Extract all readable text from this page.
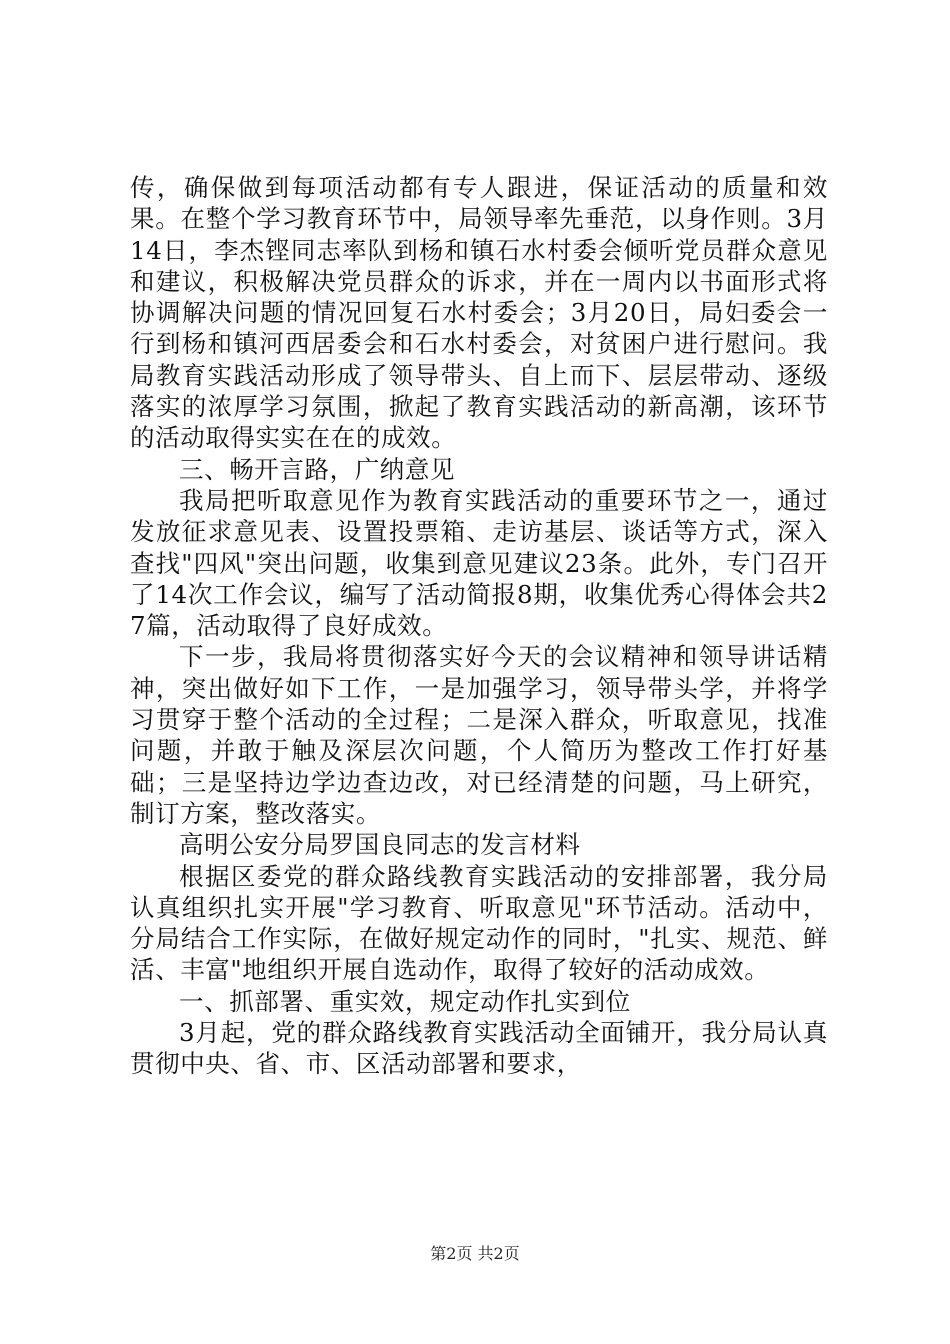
传，确保做到每项活动都有专人跟进，保证活动的质量和效果。在整个学习教育环节中，局领导率先垂范，以身作则。3月14日，李杰铿同志率队到杨和镇石水村委会倾听党员群众意见和建议，积极解决党员群众的诉求，并在一周内以书面形式将协调解决问题的情况回复石水村委会；3月20日，局妇委会一行到杨和镇河西居委会和石水村委会，对贫困户进行慰问。我局教育实践活动形成了领导带头、自上而下、层层带动、逐级落实的浓厚学习氛围，掀起了教育实践活动的新高潮，该环节的活动取得实实在在的成效。

三、畅开言路，广纳意见

我局把听取意见作为教育实践活动的重要环节之一，通过发放征求意见表、设置投票箱、走访基层、谈话等方式，深入查找"四风"突出问题，收集到意见建议23条。此外，专门召开了14次工作会议，编写了活动简报8期，收集优秀心得体会共27篇，活动取得了良好成效。

下一步，我局将贯彻落实好今天的会议精神和领导讲话精神，突出做好如下工作，一是加强学习，领导带头学，并将学习贯穿于整个活动的全过程；二是深入群众，听取意见，找准问题，并敢于触及深层次问题，个人简历为整改工作打好基础；三是坚持边学边查边改，对已经清楚的问题，马上研究，制订方案，整改落实。

高明公安分局罗国良同志的发言材料

根据区委党的群众路线教育实践活动的安排部署，我分局认真组织扎实开展"学习教育、听取意见"环节活动。活动中，分局结合工作实际，在做好规定动作的同时，"扎实、规范、鲜活、丰富"地组织开展自选动作，取得了较好的活动成效。

一、抓部署、重实效，规定动作扎实到位

3月起，党的群众路线教育实践活动全面铺开，我分局认真贯彻中央、省、市、区活动部署和要求，

第2页 共2页
